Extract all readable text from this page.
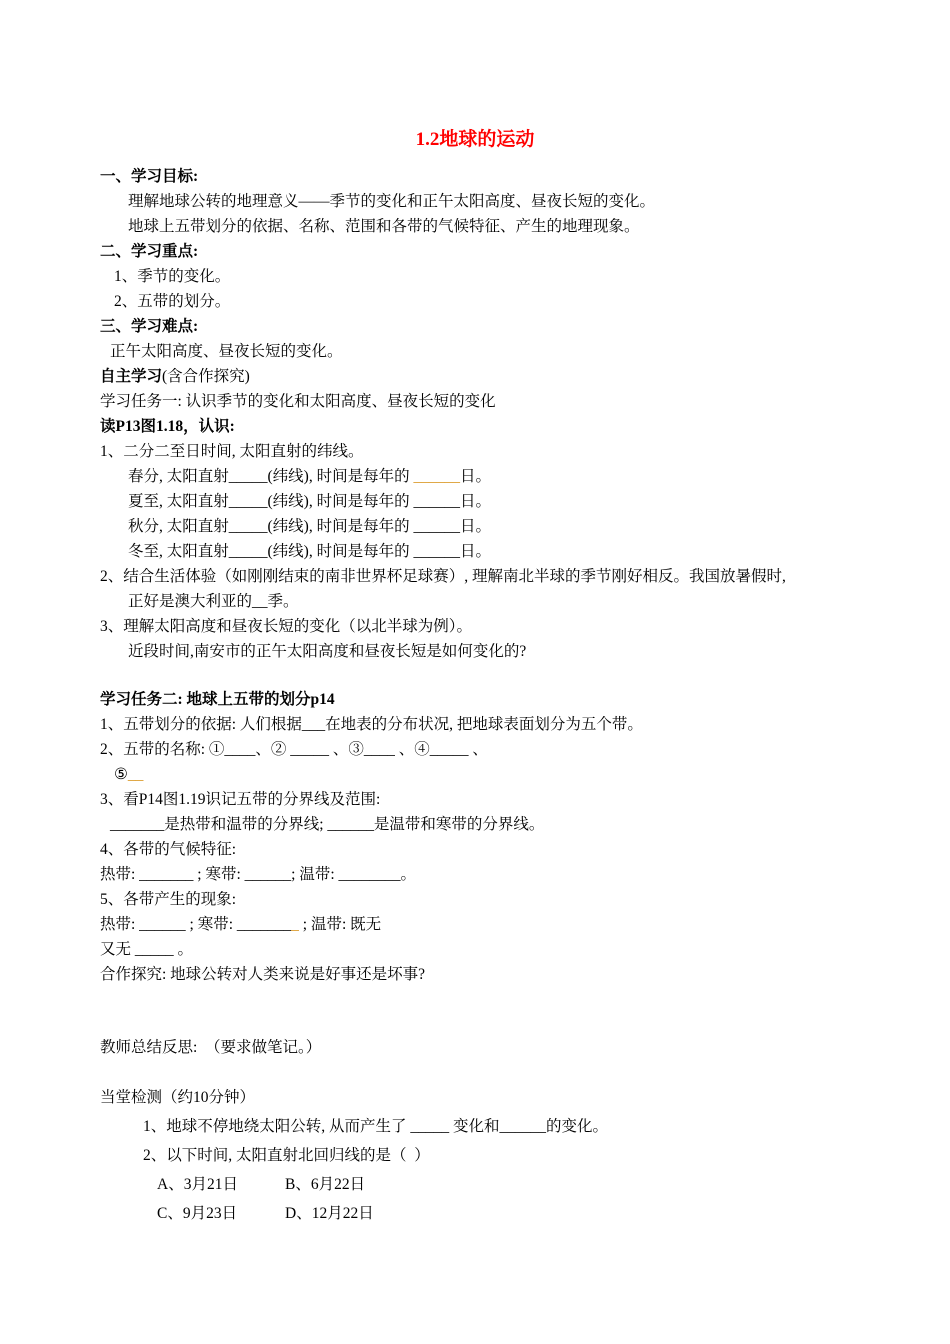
1.2地球的运动
一、学习目标:
理解地球公转的地理意义——季节的变化和正午太阳高度、昼夜长短的变化。
地球上五带划分的依据、名称、范围和各带的气候特征、产生的地理现象。
二、学习重点:
1、季节的变化。
2、五带的划分。
三、学习难点:
正午太阳高度、昼夜长短的变化。
自主学习(含合作探究)
学习任务一: 认识季节的变化和太阳高度、昼夜长短的变化
读P13图1.18，认识:
1、二分二至日时间, 太阳直射的纬线。
春分, 太阳直射_____(纬线), 时间是每年的 ______日。
夏至, 太阳直射_____(纬线), 时间是每年的 ______日。
秋分, 太阳直射_____(纬线), 时间是每年的 ______日。
冬至, 太阳直射_____(纬线), 时间是每年的 ______日。
2、结合生活体验（如刚刚结束的南非世界杯足球赛）, 理解南北半球的季节刚好相反。我国放暑假时,
正好是澳大利亚的__季。
3、理解太阳高度和昼夜长短的变化（以北半球为例）。
近段时间,南安市的正午太阳高度和昼夜长短是如何变化的?
学习任务二: 地球上五带的划分p14
1、五带划分的依据: 人们根据___在地表的分布状况, 把地球表面划分为五个带。
2、五带的名称: ①____、② _____ 、③____ 、④_____ 、
⑤__
3、看P14图1.19识记五带的分界线及范围:
_______是热带和温带的分界线; ______是温带和寒带的分界线。
4、各带的气候特征:
热带: _______ ; 寒带: ______; 温带: ________。
5、各带产生的现象:
热带: ______ ; 寒带: ________ ; 温带: 既无
又无 _____ 。
合作探究: 地球公转对人类来说是好事还是坏事?
教师总结反思:  （要求做笔记。）
当堂检测（约10分钟）
1、地球不停地绕太阳公转, 从而产生了 _____ 变化和______的变化。
2、以下时间, 太阳直射北回归线的是（  ）
A、3月21日	B、6月22日
C、9月23日	D、12月22日
